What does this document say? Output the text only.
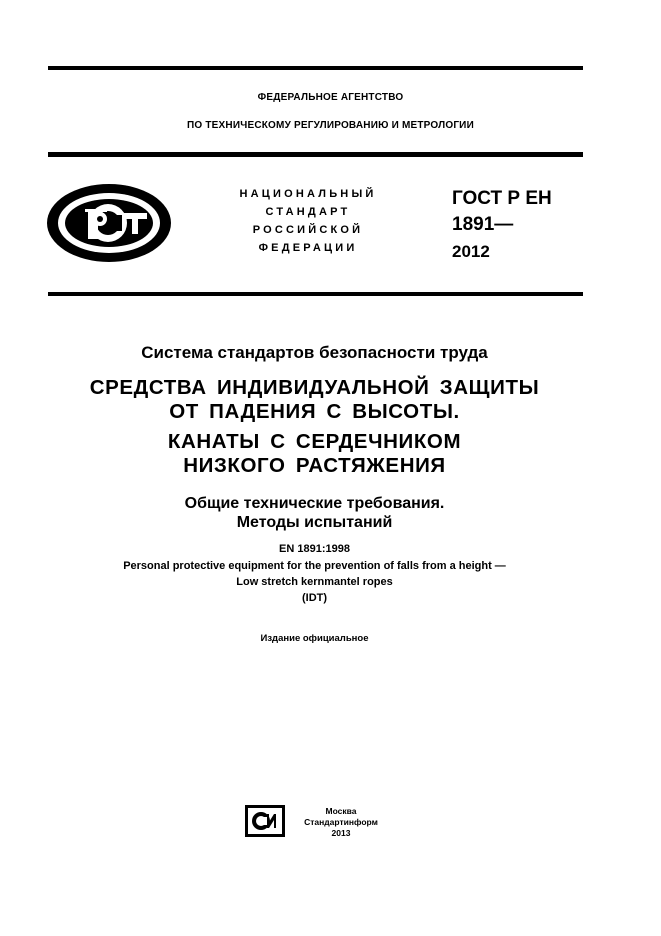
ФЕДЕРАЛЬНОЕ АГЕНТСТВО
ПО ТЕХНИЧЕСКОМУ РЕГУЛИРОВАНИЮ И МЕТРОЛОГИИ
НАЦИОНАЛЬНЫЙ
СТАНДАРТ
РОССИЙСКОЙ
ФЕДЕРАЦИИ
ГОСТ Р ЕН
1891—
2012
Система стандартов безопасности труда
СРЕДСТВА ИНДИВИДУАЛЬНОЙ ЗАЩИТЫ
ОТ ПАДЕНИЯ С ВЫСОТЫ.
КАНАТЫ С СЕРДЕЧНИКОМ
НИЗКОГО РАСТЯЖЕНИЯ
Общие технические требования.
Методы испытаний
EN 1891:1998
Personal protective equipment for the prevention of falls from a height —
Low stretch kernmantel ropes
(IDT)
Издание официальное
Москва
Стандартинформ
2013
